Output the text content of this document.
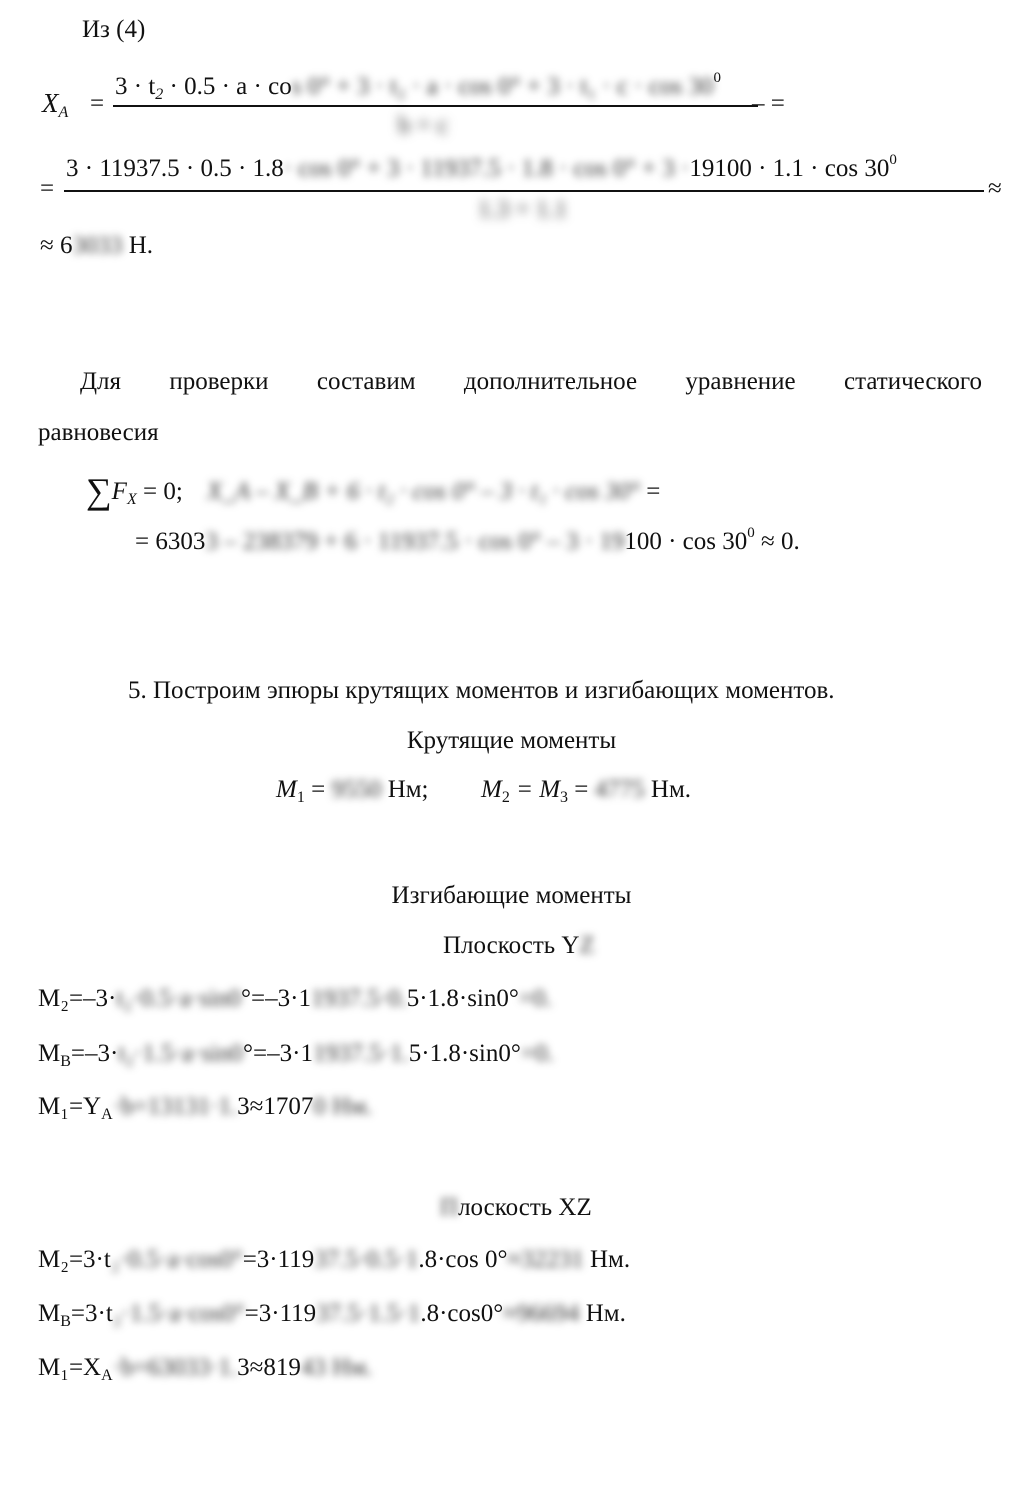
Из (4)
$X_A$ =
$3 \cdot t_2 \cdot 0.5 \cdot a \cdot \cos 0^\circ + 3 \cdot t_2 \cdot a \cdot \cos 0^\circ + 3 \cdot t_1 \cdot c \cdot \cos 30^0$
b + c
– =
=
$3 \cdot 11937.5 \cdot 0.5 \cdot 1.8\cdot \cos 0^\circ + 3 \cdot 11937.5 \cdot 1.8 \cdot \cos 0^\circ + 3 \cdot 19100 \cdot 1.1 \cdot \cos 30^0$
1.3 + 1.1
≈
≈ 63033 Н.
Для проверки составим дополнительное уравнение статического
равновесия
$\sum F_X = 0$; X_A – X_B + 6 · t₂ · cos 0° – 3 · t₁ · cos 30° =
= $63033 - 238379 + 6 \cdot 11937.5 \cdot \cos 0^\circ - 3 \cdot 19100 \cdot \cos 30^0 \approx 0$.
5. Построим эпюры крутящих моментов и изгибающих моментов.
Крутящие моменты
$M_1 = 9550$ Нм; $M_2 = M_3 = 4775$ Нм.
Изгибающие моменты
Плоскость YZ
M₂=–3·t₂·0.5·a·sin0°=–3·11937.5·0.5·1.8·sin0°=0.
$M_B=-3\cdot t_2\cdot 1.5\cdot a\cdot\sin 0^\circ=-3\cdot 11937.5\cdot 1.5\cdot 1.8\cdot\sin 0^\circ=0$.
$M_1=Y_A\cdot b=13131\cdot 1.3\approx 17070$ Нм.
Плоскость XZ
M₂=3·t₂·0.5·a·cos0°=3·11937.5·0.5·1.8·cos 0°≈32231 Нм.
$M_B=3\cdot t_2\cdot 1.5\cdot a\cdot\cos 0^\circ=3\cdot 11937.5\cdot 1.5\cdot 1.8\cdot\cos 0^\circ\approx 96694$ Нм.
$M_1=X_A\cdot b=63033\cdot 1.3\approx 81943$ Нм.
